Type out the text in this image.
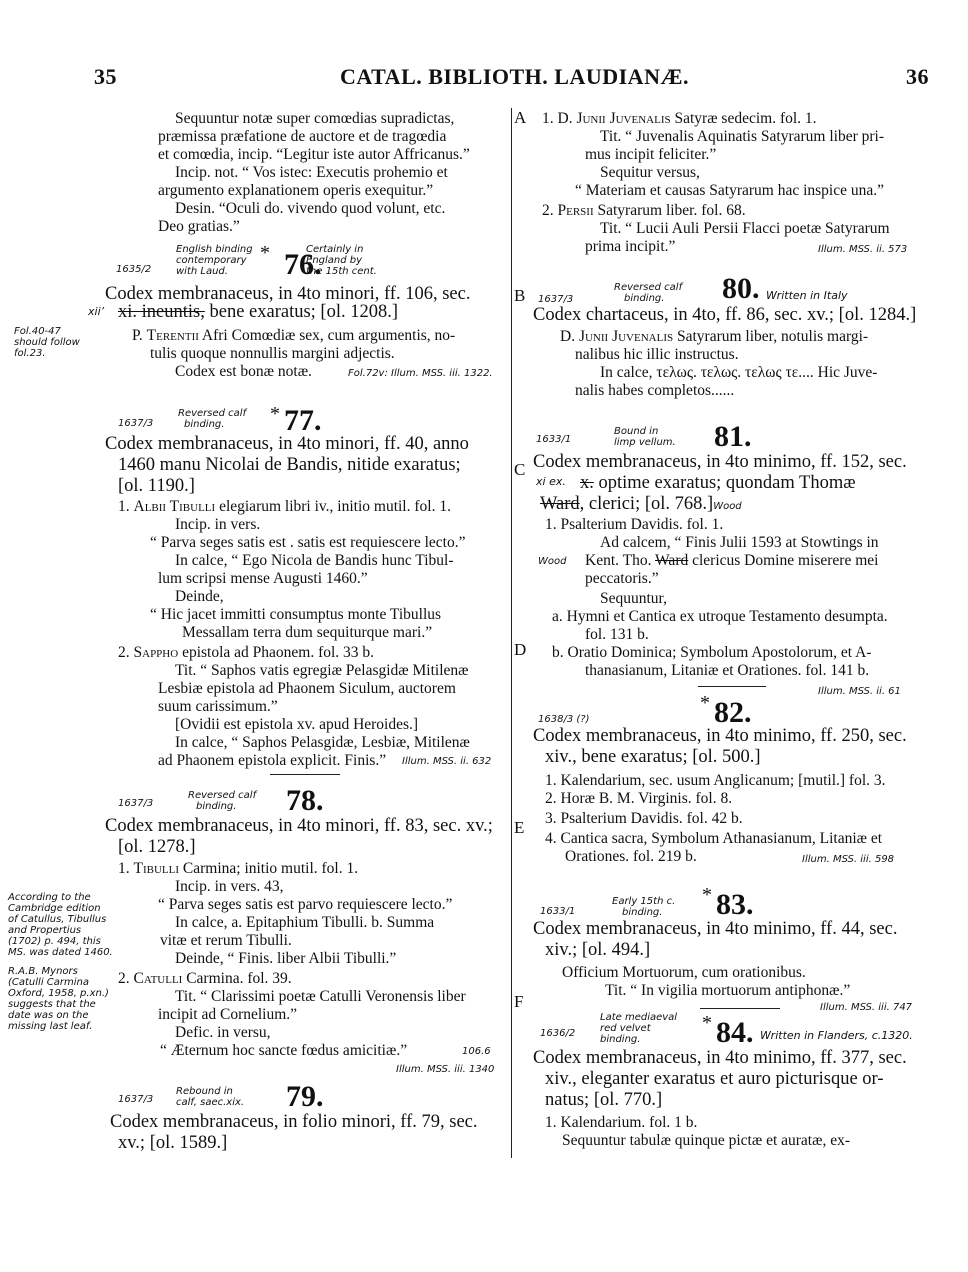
35	CATAL. BIBLIOTH. LAUDIANÆ.	36
A
B
C
D
E
F
Sequuntur notæ super comœdias supradictas,
præmissa præfatione de auctore et de tragœdia
et comœdia, incip. “Legitur iste autor Affricanus.”
Incip. not. “ Vos istec: Executis prohemio et
argumento explanationem operis exequitur.”
Desin. “Oculi do. vivendo quod volunt, etc.
Deo gratias.”
English binding
contemporary
with Laud.
Certainly in
England by
the 15th cent.
1635/2
* 76.
Codex membranaceus, in 4to minori, ff. 106, sec.
xii’ xi. ineuntis, bene exaratus; [ol. 1208.]
Fol.40-47
should follow
fol.23.
P. Terentii Afri Comœdiæ sex, cum argumentis, no-
tulis quoque nonnullis margini adjectis.
Codex est bonæ notæ.	Fol.72v: Illum. MSS. iii. 1322.
1637/3
Reversed calf
binding. * 77.
Codex membranaceus, in 4to minori, ff. 40, anno
1460 manu Nicolai de Bandis, nitide exaratus;
[ol. 1190.]
1. Albii Tibulli elegiarum libri iv., initio mutil. fol. 1.
Incip. in vers.
“ Parva seges satis est . satis est requiescere lecto.”
In calce, “ Ego Nicola de Bandis hunc Tibul-
lum scripsi mense Augusti 1460.”
Deinde,
“ Hic jacet immitti consumptus monte Tibullus
Messallam terra dum sequiturque mari.”
2. Sappho epistola ad Phaonem. fol. 33 b.
Tit. “ Saphos vatis egregiæ Pelasgidæ Mitilenæ
Lesbiæ epistola ad Phaonem Siculum, auctorem
suum carissimum.”
[Ovidii est epistola xv. apud Heroides.]
In calce, “ Saphos Pelasgidæ, Lesbiæ, Mitilenæ
ad Phaonem epistola explicit. Finis.” Illum. MSS. ii. 632
1637/3
Reversed calf
binding. 78.
Codex membranaceus, in 4to minori, ff. 83, sec. xv.;
[ol. 1278.]
1. Tibulli Carmina; initio mutil. fol. 1.
Incip. in vers. 43,
“ Parva seges satis est parvo requiescere lecto.”
In calce, a. Epitaphium Tibulli. b. Summa
vitæ et rerum Tibulli.
Deinde, “ Finis. liber Albii Tibulli.”
2. Catulli Carmina. fol. 39.
Tit. “ Clarissimi poetæ Catulli Veronensis liber
incipit ad Cornelium.”
Defic. in versu,
“ Æternum hoc sancte fœdus amicitiæ.”	106.6
Illum. MSS. iii. 1340
According to the
Cambridge edition
of Catullus, Tibullus
and Propertius
(1702) p. 494, this
MS. was dated 1460.
R.A.B. Mynors
(Catulli Carmina
Oxford, 1958, p.xn.)
suggests that the
date was on the
missing last leaf.
1637/3
Rebound in
calf, saec.xix. 79.
Codex membranaceus, in folio minori, ff. 79, sec.
xv.; [ol. 1589.]
1. D. Junii Juvenalis Satyræ sedecim. fol. 1.
Tit. “ Juvenalis Aquinatis Satyrarum liber pri-
mus incipit feliciter.”
Sequitur versus,
“ Materiam et causas Satyrarum hac inspice una.”
2. Persii Satyrarum liber. fol. 68.
Tit. “ Lucii Auli Persii Flacci poetæ Satyrarum
prima incipit.”	Illum. MSS. ii. 573
1637/3
Reversed calf
binding. 80. Written in Italy
Codex chartaceus, in 4to, ff. 86, sec. xv.; [ol. 1284.]
D. Junii Juvenalis Satyrarum liber, notulis margi-
nalibus hic illic instructus.
In calce, τελως. τελως. τελως τε.... Hic Juve-
nalis habes completos......
1633/1
Bound in
limp vellum. 81.
Codex membranaceus, in 4to minimo, ff. 152, sec.
xi ex. x. optime exaratus; quondam Thomæ
Ward, clerici; [ol. 768.]Wood
1. Psalterium Davidis. fol. 1.
Ad calcem, “ Finis Julii 1593 at Stowtings in
Wood Kent. Tho. Ward clericus Domine miserere mei
peccatoris.”
Sequuntur,
a. Hymni et Cantica ex utroque Testamento desumpta.
fol. 131 b.
b. Oratio Dominica; Symbolum Apostolorum, et A-
thanasianum, Litaniæ et Orationes. fol. 141 b.
Illum. MSS. ii. 61
1638/3 (?)
* 82.
Codex membranaceus, in 4to minimo, ff. 250, sec.
xiv., bene exaratus; [ol. 500.]
1. Kalendarium, sec. usum Anglicanum; [mutil.] fol. 3.
2. Horæ B. M. Virginis. fol. 8.
3. Psalterium Davidis. fol. 42 b.
4. Cantica sacra, Symbolum Athanasianum, Litaniæ et
Orationes. fol. 219 b.	Illum. MSS. iii. 598
1633/1
Early 15th c.
binding.
* 83.
Codex membranaceus, in 4to minimo, ff. 44, sec.
xiv.; [ol. 494.]
Officium Mortuorum, cum orationibus.
Tit. “ In vigilia mortuorum antiphonæ.”
Illum. MSS. iii. 747
1636/2
Late mediaeval
red velvet
binding.
* 84. Written in Flanders, c.1320.
Codex membranaceus, in 4to minimo, ff. 377, sec.
xiv., eleganter exaratus et auro picturisque or-
natus; [ol. 770.]
1. Kalendarium. fol. 1 b.
Sequuntur tabulæ quinque pictæ et auratæ, ex-
